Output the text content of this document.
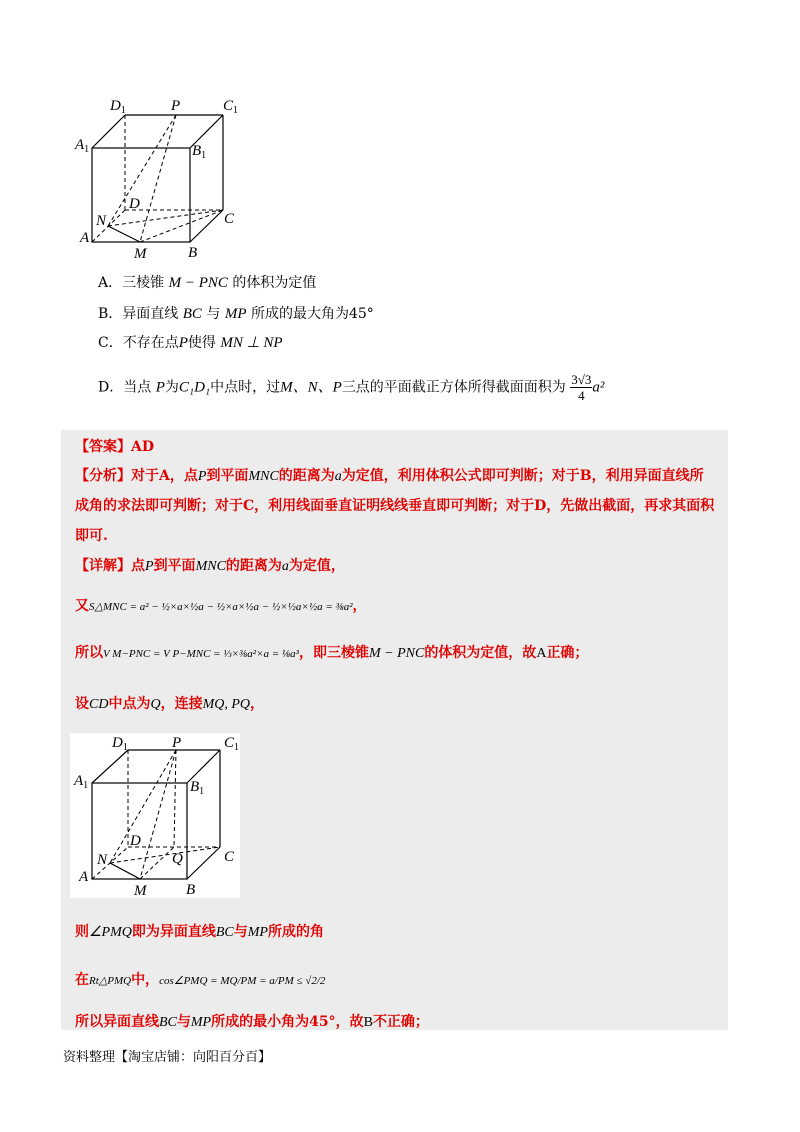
$D_1$	P	$C_1$
$A_1$	$B_1$
D
C
N
A
M	B
A．三棱锥 M − PNC 的体积为定值
B．异面直线 BC 与 MP 所成的最大角为45°
C．不存在点P使得 MN ⊥ NP
D．当点 P为C₁D₁中点时，过M、N、P三点的平面截正方体所得截面面积为 $\frac{3√3}{4} a^2$
【答案】AD
【分析】对于A，点P到平面MNC的距离为a为定值，利用体积公式即可判断；对于B，利用异面直线所
成角的求法即可判断；对于C，利用线面垂直证明线线垂直即可判断；对于D，先做出截面，再求其面积
即可.
【详解】点P到平面MNC的距离为a为定值，
又S△MNC = a² − ½×a×½a − ½×a×½a − ½×½a×½a = ⅜a²，
所以V M−PNC = V P−MNC = ⅓×⅜a²×a = ⅛a³，即三棱锥M − PNC的体积为定值，故A正确；
设CD中点为Q，连接MQ, PQ，
$D_1$	P	$C_1$
$A_1$	$B_1$
D
Q	C
N
A
M	B
则∠PMQ即为异面直线BC与MP所成的角
在Rt△PMQ中，cos∠PMQ = MQ/PM = a/PM ≤ √2/2
所以异面直线BC与MP所成的最小角为45°，故B不正确；
资料整理【淘宝店铺：向阳百分百】
